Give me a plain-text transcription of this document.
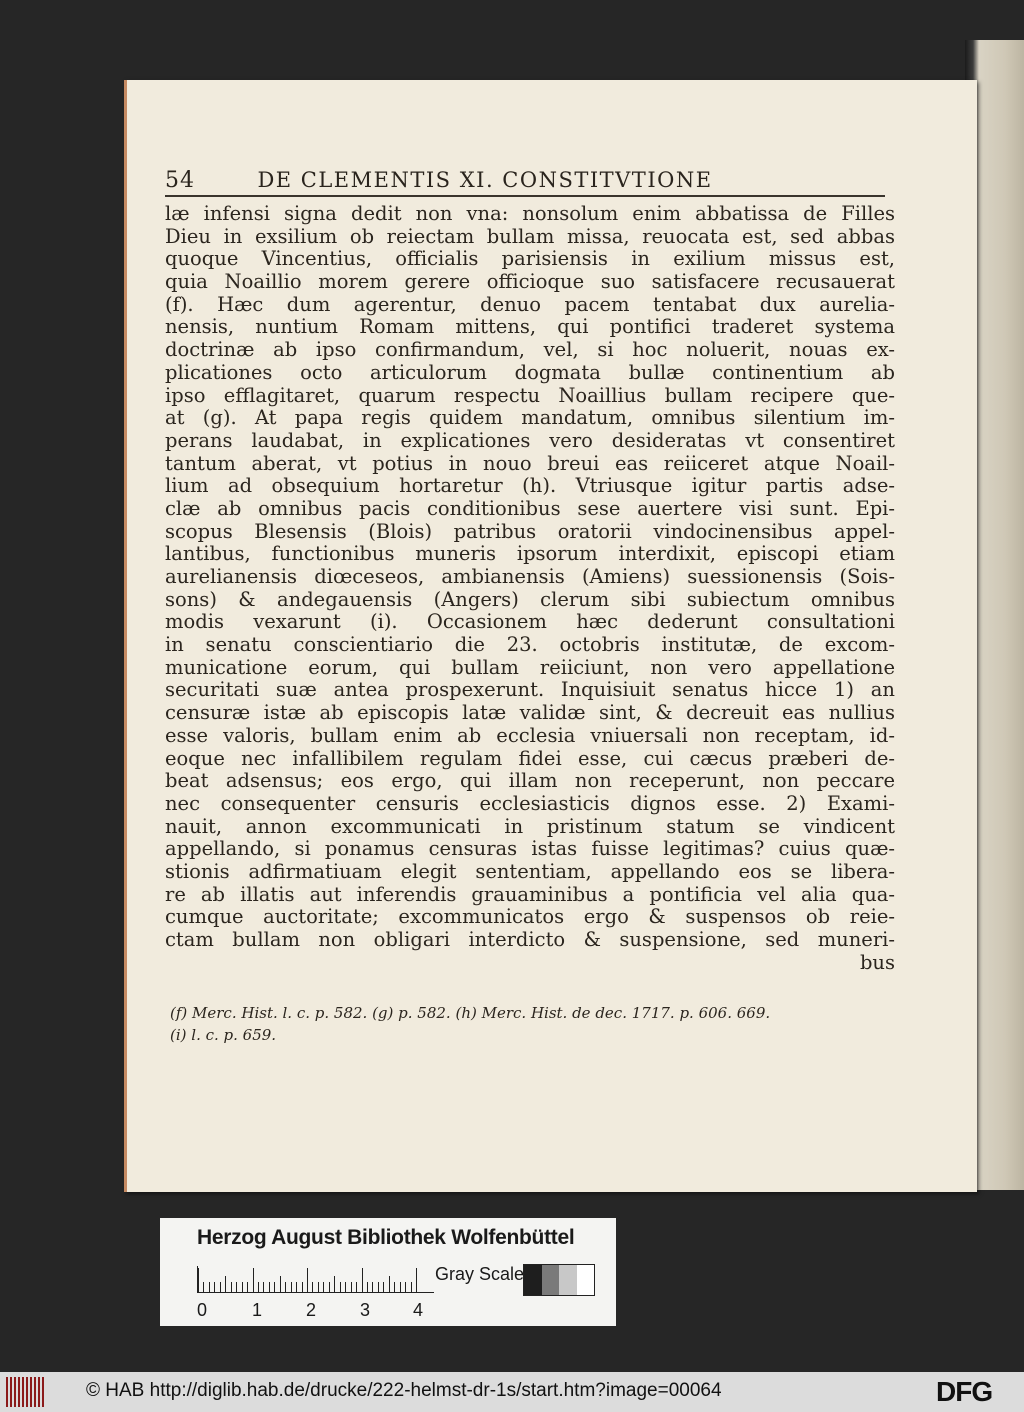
54	DE CLEMENTIS XI. CONSTITVTIONE
læ infensi signa dedit non vna: nonsolum enim abbatissa de Filles
Dieu in exsilium ob reiectam bullam missa, reuocata est, sed abbas
quoque Vincentius, officialis parisiensis in exilium missus est,
quia Noaillio morem gerere officioque suo satisfacere recusauerat
(f). Hæc dum agerentur, denuo pacem tentabat dux aurelia-
nensis, nuntium Romam mittens, qui pontifici traderet systema
doctrinæ ab ipso confirmandum, vel, si hoc noluerit, nouas ex-
plicationes octo articulorum dogmata bullæ continentium ab
ipso efflagitaret, quarum respectu Noaillius bullam recipere que-
at (g). At papa regis quidem mandatum, omnibus silentium im-
perans laudabat, in explicationes vero desideratas vt consentiret
tantum aberat, vt potius in nouo breui eas reiiceret atque Noail-
lium ad obsequium hortaretur (h). Vtriusque igitur partis adse-
clæ ab omnibus pacis conditionibus sese auertere visi sunt. Epi-
scopus Blesensis (Blois) patribus oratorii vindocinensibus appel-
lantibus, functionibus muneris ipsorum interdixit, episcopi etiam
aurelianensis diœceseos, ambianensis (Amiens) suessionensis (Sois-
sons) & andegauensis (Angers) clerum sibi subiectum omnibus
modis vexarunt (i). Occasionem hæc dederunt consultationi
in senatu conscientiario die 23. octobris institutæ, de excom-
municatione eorum, qui bullam reiiciunt, non vero appellatione
securitati suæ antea prospexerunt. Inquisiuit senatus hicce 1) an
censuræ istæ ab episcopis latæ validæ sint, & decreuit eas nullius
esse valoris, bullam enim ab ecclesia vniuersali non receptam, id-
eoque nec infallibilem regulam fidei esse, cui cæcus præberi de-
beat adsensus; eos ergo, qui illam non receperunt, non peccare
nec consequenter censuris ecclesiasticis dignos esse. 2) Exami-
nauit, annon excommunicati in pristinum statum se vindicent
appellando, si ponamus censuras istas fuisse legitimas? cuius quæ-
stionis adfirmatiuam elegit sententiam, appellando eos se libera-
re ab illatis aut inferendis grauaminibus a pontificia vel alia qua-
cumque auctoritate; excommunicatos ergo & suspensos ob reie-
ctam bullam non obligari interdicto & suspensione, sed muneri-
bus
(f) Merc. Hist. l. c. p. 582. (g) p. 582. (h) Merc. Hist. de dec. 1717. p. 606. 669.
(i) l. c. p. 659.
Herzog August Bibliothek Wolfenbüttel
0 1 2 3 4
Gray Scale
© HAB http://diglib.hab.de/drucke/222-helmst-dr-1s/start.htm?image=00064	DFG
